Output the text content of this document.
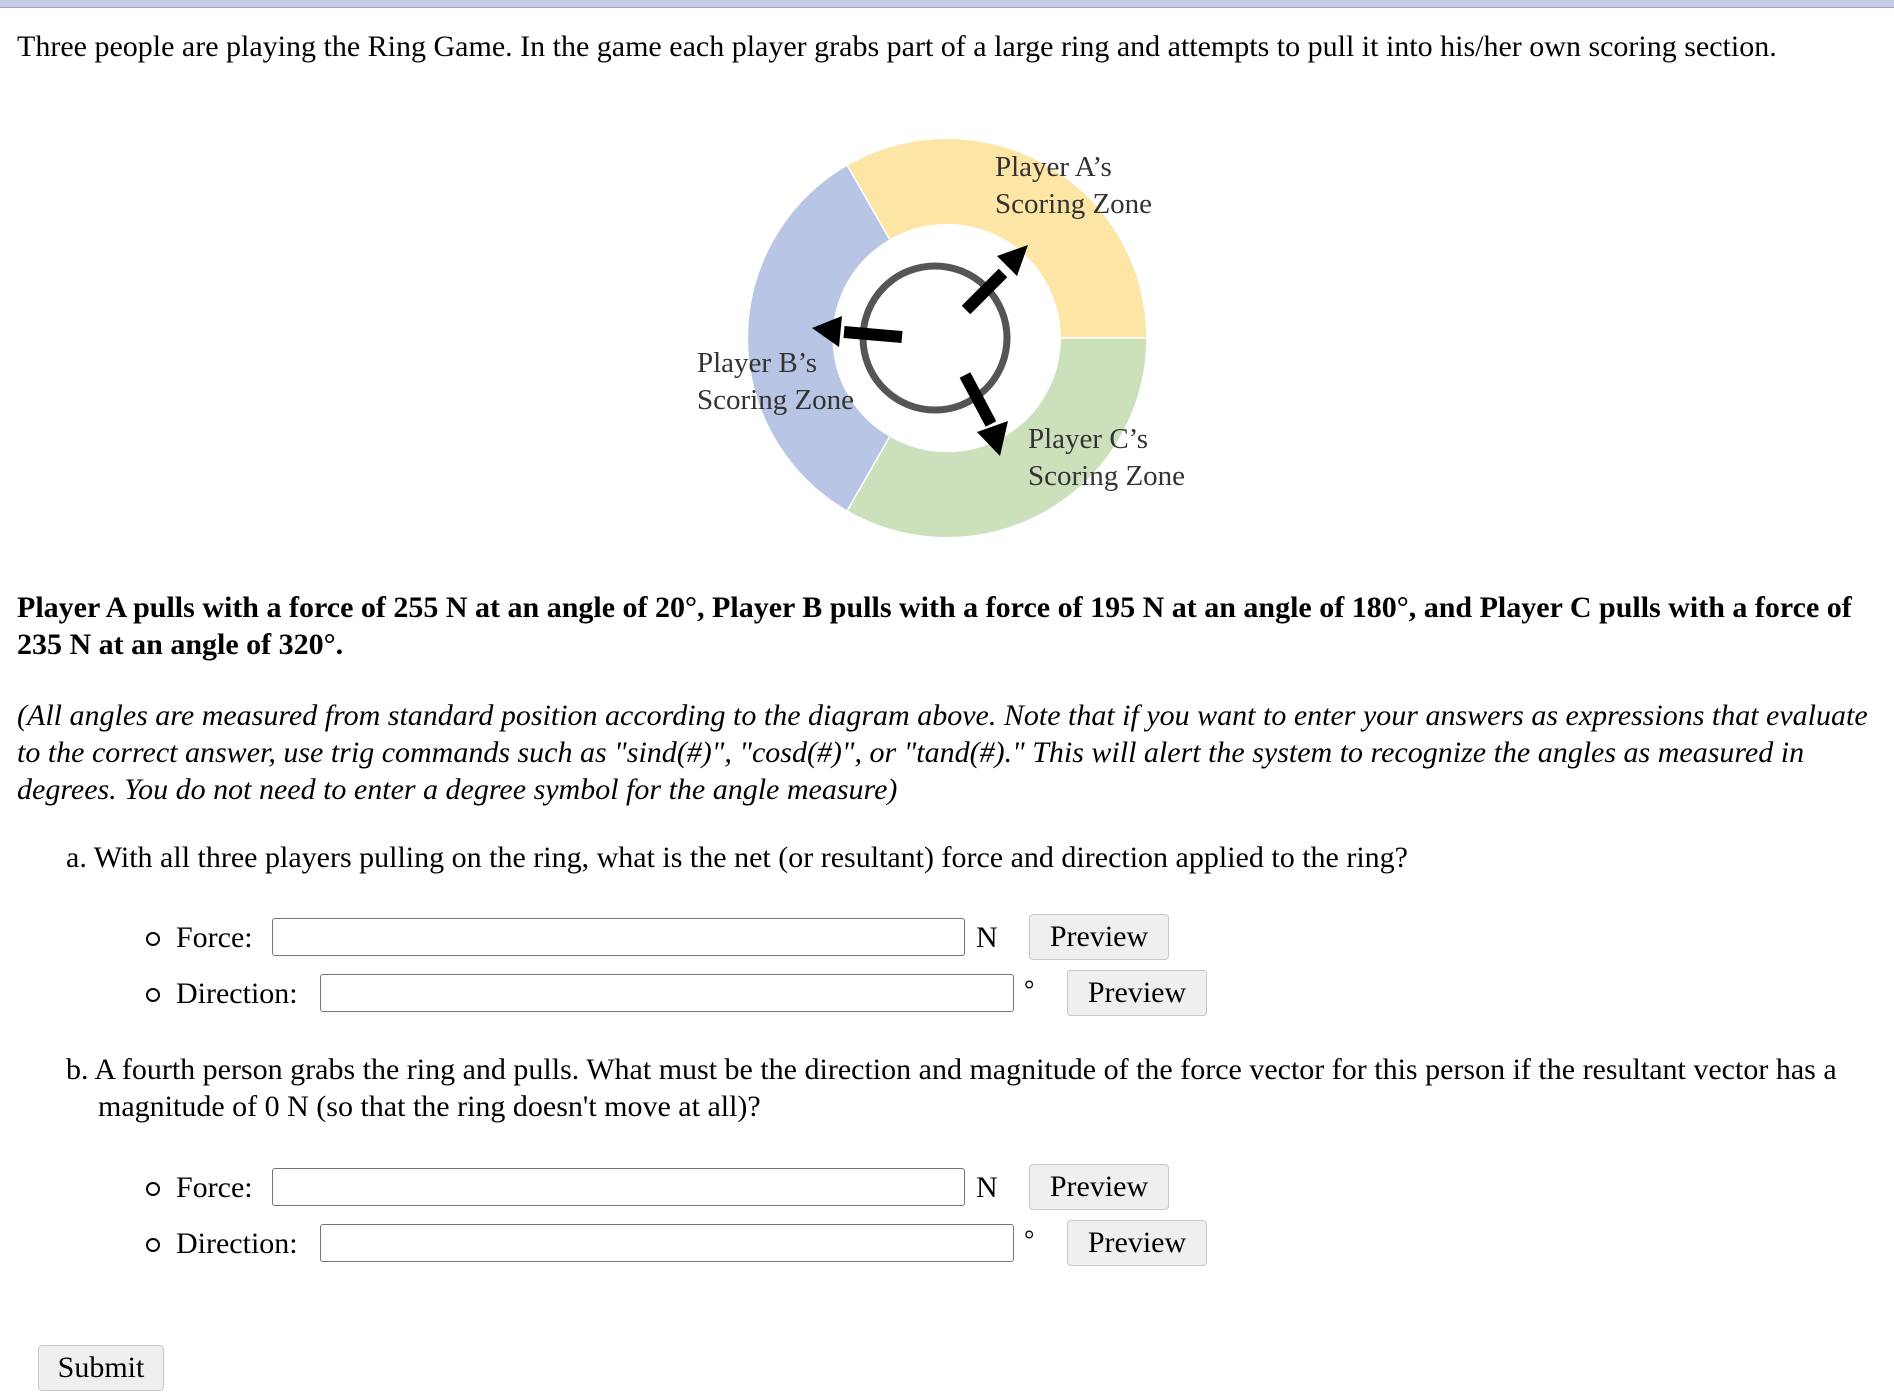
Three people are playing the Ring Game. In the game each player grabs part of a large ring and attempts to pull it into his/her own scoring section.

Player A’s
Scoring Zone
Player B’s
Scoring Zone
Player C’s
Scoring Zone

Player A pulls with a force of 255 N at an angle of 20°, Player B pulls with a force of 195 N at an angle of 180°, and Player C pulls with a force of 235 N at an angle of 320°.

(All angles are measured from standard position according to the diagram above. Note that if you want to enter your answers as expressions that evaluate to the correct answer, use trig commands such as "sind(#)", "cosd(#)", or "tand(#)." This will alert the system to recognize the angles as measured in degrees. You do not need to enter a degree symbol for the angle measure)

a. With all three players pulling on the ring, what is the net (or resultant) force and direction applied to the ring?
Force:	N	Preview
Direction:	°	Preview
b. A fourth person grabs the ring and pulls. What must be the direction and magnitude of the force vector for this person if the resultant vector has a magnitude of 0 N (so that the ring doesn't move at all)?
Force:	N	Preview
Direction:	°	Preview
Submit
